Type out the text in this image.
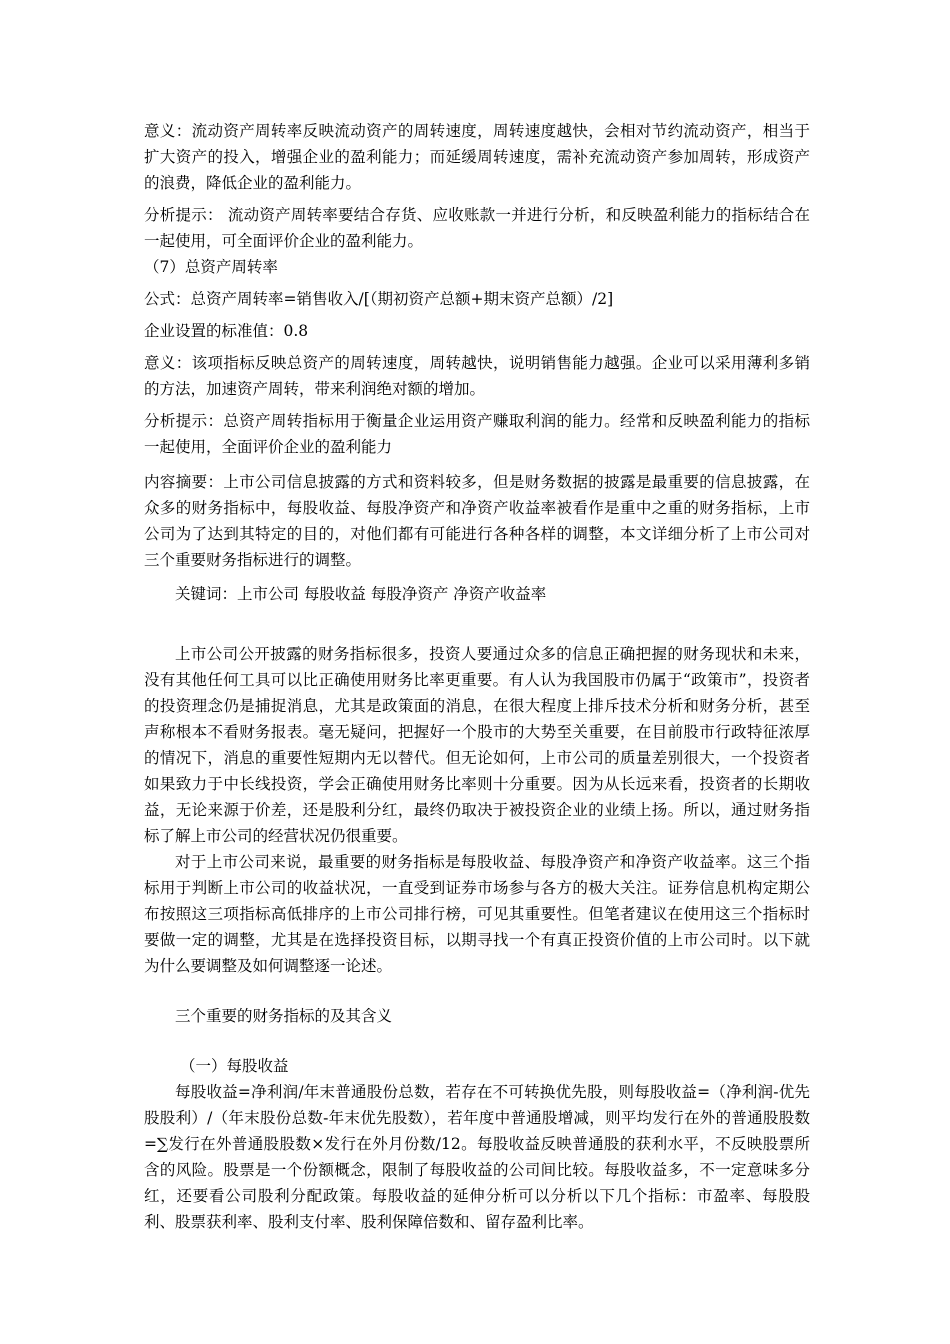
意义：流动资产周转率反映流动资产的周转速度，周转速度越快，会相对节约流动资产，相当于扩大资产的投入，增强企业的盈利能力；而延缓周转速度，需补充流动资产参加周转，形成资产的浪费，降低企业的盈利能力。

分析提示： 流动资产周转率要结合存货、应收账款一并进行分析，和反映盈利能力的指标结合在一起使用，可全面评价企业的盈利能力。

（7）总资产周转率

公式：总资产周转率=销售收入/[（期初资产总额+期末资产总额）/2]

企业设置的标准值：0.8

意义：该项指标反映总资产的周转速度，周转越快，说明销售能力越强。企业可以采用薄利多销的方法，加速资产周转，带来利润绝对额的增加。

分析提示：总资产周转指标用于衡量企业运用资产赚取利润的能力。经常和反映盈利能力的指标一起使用，全面评价企业的盈利能力

内容摘要：上市公司信息披露的方式和资料较多，但是财务数据的披露是最重要的信息披露，在众多的财务指标中，每股收益、每股净资产和净资产收益率被看作是重中之重的财务指标，上市公司为了达到其特定的目的，对他们都有可能进行各种各样的调整，本文详细分析了上市公司对三个重要财务指标进行的调整。

关键词：上市公司 每股收益 每股净资产 净资产收益率

上市公司公开披露的财务指标很多，投资人要通过众多的信息正确把握的财务现状和未来，没有其他任何工具可以比正确使用财务比率更重要。有人认为我国股市仍属于“政策市”，投资者的投资理念仍是捕捉消息，尤其是政策面的消息，在很大程度上排斥技术分析和财务分析，甚至声称根本不看财务报表。毫无疑问，把握好一个股市的大势至关重要，在目前股市行政特征浓厚的情况下，消息的重要性短期内无以替代。但无论如何，上市公司的质量差别很大，一个投资者如果致力于中长线投资，学会正确使用财务比率则十分重要。因为从长远来看，投资者的长期收益，无论来源于价差，还是股利分红，最终仍取决于被投资企业的业绩上扬。所以，通过财务指标了解上市公司的经营状况仍很重要。

对于上市公司来说，最重要的财务指标是每股收益、每股净资产和净资产收益率。这三个指标用于判断上市公司的收益状况，一直受到证券市场参与各方的极大关注。证券信息机构定期公布按照这三项指标高低排序的上市公司排行榜，可见其重要性。但笔者建议在使用这三个指标时要做一定的调整，尤其是在选择投资目标，以期寻找一个有真正投资价值的上市公司时。以下就为什么要调整及如何调整逐一论述。

三个重要的财务指标的及其含义

（一）每股收益

每股收益=净利润/年末普通股份总数，若存在不可转换优先股，则每股收益=（净利润-优先股股利）/（年末股份总数-年末优先股数），若年度中普通股增减，则平均发行在外的普通股股数=∑发行在外普通股股数×发行在外月份数/12。每股收益反映普通股的获利水平，不反映股票所含的风险。股票是一个份额概念，限制了每股收益的公司间比较。每股收益多，不一定意味多分红，还要看公司股利分配政策。每股收益的延伸分析可以分析以下几个指标：市盈率、每股股利、股票获利率、股利支付率、股利保障倍数和、留存盈利比率。
